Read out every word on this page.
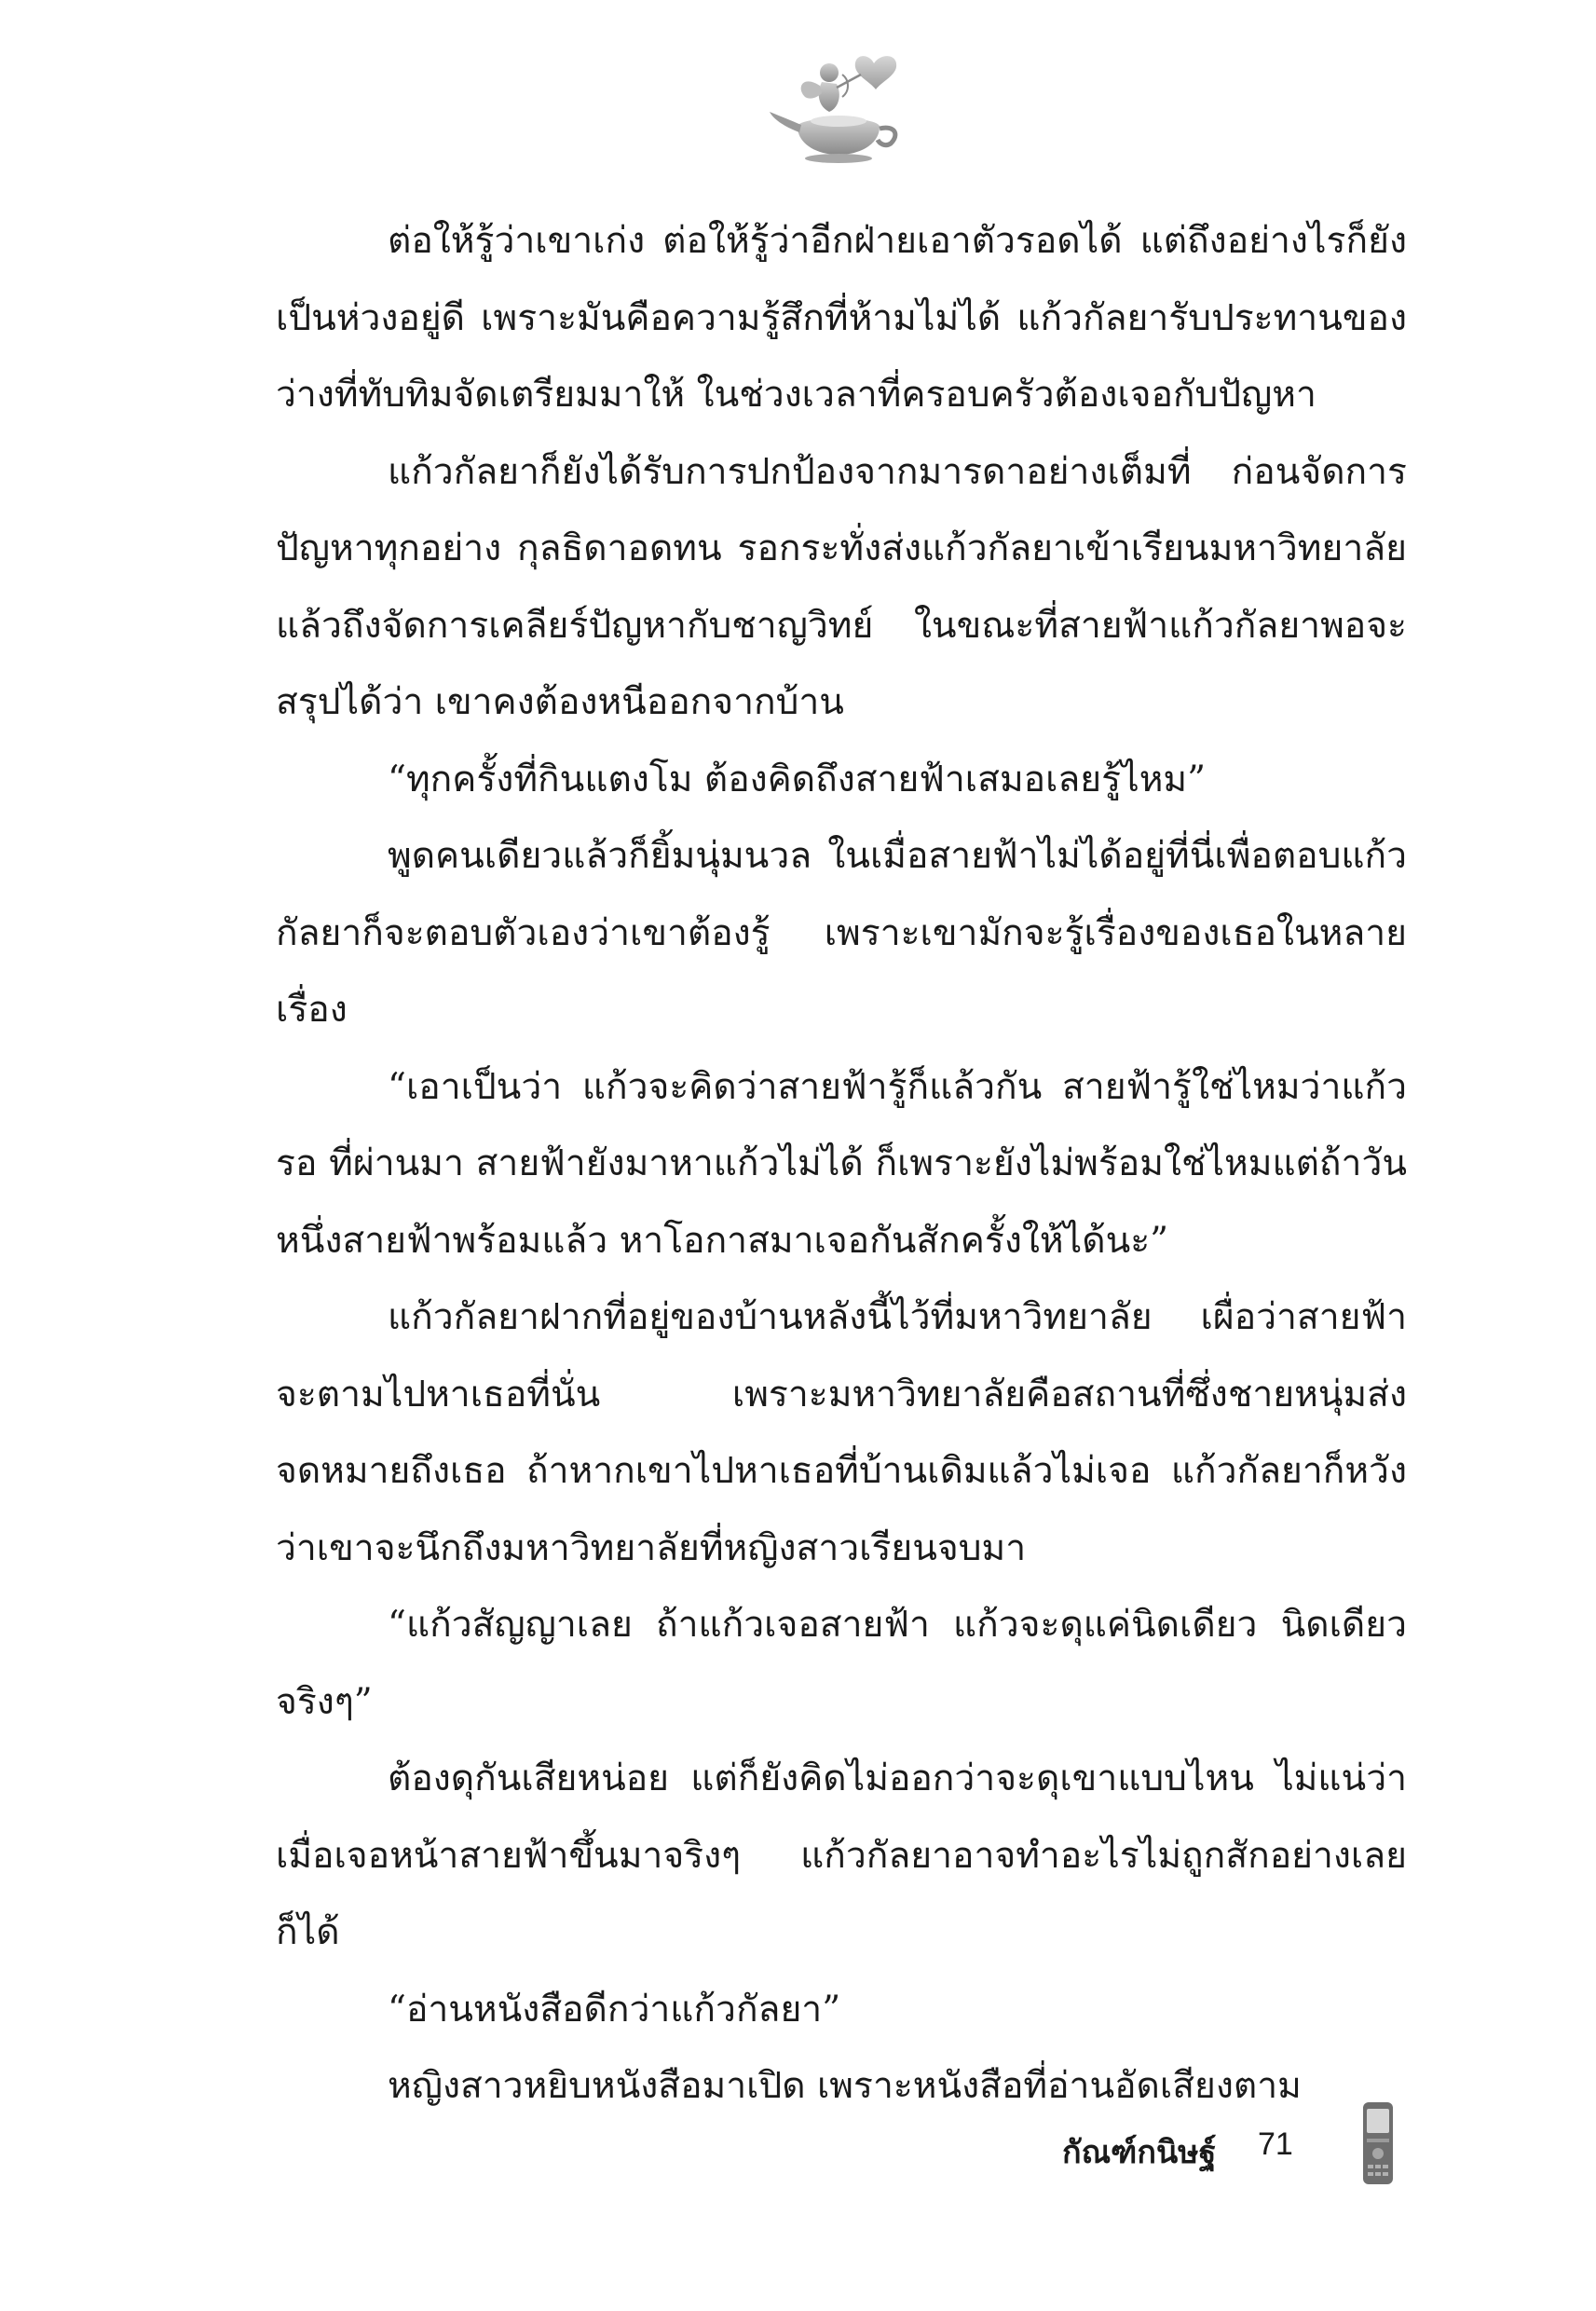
ต่อให้รู้ว่าเขาเก่ง ต่อให้รู้ว่าอีกฝ่ายเอาตัวรอดได้ แต่ถึงอย่างไรก็ยังเป็นห่วงอยู่ดี เพราะมันคือความรู้สึกที่ห้ามไม่ได้ แก้วกัลยารับประทานของว่างที่ทับทิมจัดเตรียมมาให้ ในช่วงเวลาที่ครอบครัวต้องเจอกับปัญหา

แก้วกัลยาก็ยังได้รับการปกป้องจากมารดาอย่างเต็มที่ ก่อนจัดการปัญหาทุกอย่าง กุลธิดาอดทน รอกระทั่งส่งแก้วกัลยาเข้าเรียนมหาวิทยาลัย แล้วถึงจัดการเคลียร์ปัญหากับชาญวิทย์ ในขณะที่สายฟ้าแก้วกัลยาพอจะสรุปได้ว่า เขาคงต้องหนีออกจากบ้าน

“ทุกครั้งที่กินแตงโม ต้องคิดถึงสายฟ้าเสมอเลยรู้ไหม”

พูดคนเดียวแล้วก็ยิ้มนุ่มนวล ในเมื่อสายฟ้าไม่ได้อยู่ที่นี่เพื่อตอบแก้วกัลยาก็จะตอบตัวเองว่าเขาต้องรู้ เพราะเขามักจะรู้เรื่องของเธอในหลายเรื่อง

“เอาเป็นว่า แก้วจะคิดว่าสายฟ้ารู้ก็แล้วกัน สายฟ้ารู้ใช่ไหมว่าแก้วรอ ที่ผ่านมา สายฟ้ายังมาหาแก้วไม่ได้ ก็เพราะยังไม่พร้อมใช่ไหมแต่ถ้าวันหนึ่งสายฟ้าพร้อมแล้ว หาโอกาสมาเจอกันสักครั้งให้ได้นะ”

แก้วกัลยาฝากที่อยู่ของบ้านหลังนี้ไว้ที่มหาวิทยาลัย เผื่อว่าสายฟ้าจะตามไปหาเธอที่นั่น เพราะมหาวิทยาลัยคือสถานที่ซึ่งชายหนุ่มส่งจดหมายถึงเธอ ถ้าหากเขาไปหาเธอที่บ้านเดิมแล้วไม่เจอ แก้วกัลยาก็หวังว่าเขาจะนึกถึงมหาวิทยาลัยที่หญิงสาวเรียนจบมา

“แก้วสัญญาเลย ถ้าแก้วเจอสายฟ้า แก้วจะดุแค่นิดเดียว นิดเดียวจริงๆ”

ต้องดุกันเสียหน่อย แต่ก็ยังคิดไม่ออกว่าจะดุเขาแบบไหน ไม่แน่ว่าเมื่อเจอหน้าสายฟ้าขึ้นมาจริงๆ แก้วกัลยาอาจทำอะไรไม่ถูกสักอย่างเลยก็ได้

“อ่านหนังสือดีกว่าแก้วกัลยา”

หญิงสาวหยิบหนังสือมาเปิด เพราะหนังสือที่อ่านอัดเสียงตาม

กัณฑ์กนิษฐ์ 71
